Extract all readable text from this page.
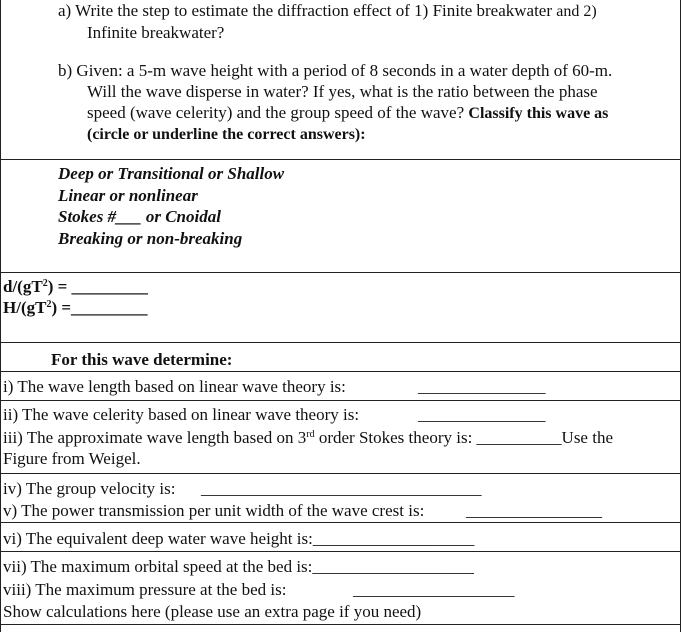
a) Write the step to estimate the diffraction effect of 1) Finite breakwater and 2)
Infinite breakwater?
b) Given: a 5-m wave height with a period of 8 seconds in a water depth of 60-m.
Will the wave disperse in water? If yes, what is the ratio between the phase
speed (wave celerity) and the group speed of the wave? Classify this wave as
(circle or underline the correct answers):
Deep or Transitional or Shallow
Linear or nonlinear
Stokes #___ or Cnoidal
Breaking or non-breaking
$d/(gT^2)$ = _________
$H/(gT^2)$ =_________
For this wave determine:
i) The wave length based on linear wave theory is:	_______________
ii) The wave celerity based on linear wave theory is:	_______________
iii) The approximate wave length based on 3rd order Stokes theory is: __________Use the
Figure from Weigel.
iv) The group velocity is: _________________________________
v) The power transmission per unit width of the wave crest is: ________________
vi) The equivalent deep water wave height is:___________________
vii) The maximum orbital speed at the bed is:___________________
viii) The maximum pressure at the bed is:	___________________
Show calculations here (please use an extra page if you need)
